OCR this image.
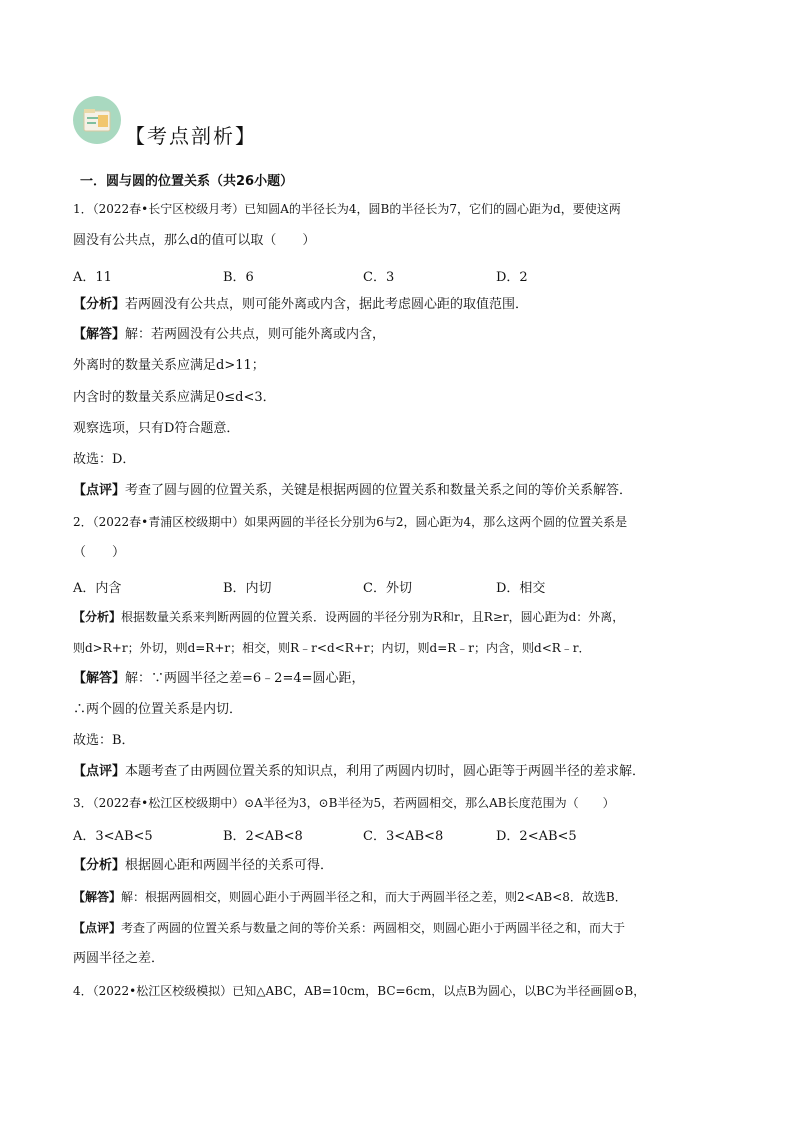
【考点剖析】
一．圆与圆的位置关系（共26小题）
1．（2022春•长宁区校级月考）已知圆A的半径长为4，圆B的半径长为7，它们的圆心距为d，要使这两
圆没有公共点，那么d的值可以取（　　）
A．11	B．6	C．3	D．2
【分析】若两圆没有公共点，则可能外离或内含，据此考虑圆心距的取值范围．
【解答】解：若两圆没有公共点，则可能外离或内含，
外离时的数量关系应满足d>11；
内含时的数量关系应满足0≤d<3．
观察选项，只有D符合题意．
故选：D．
【点评】考查了圆与圆的位置关系，关键是根据两圆的位置关系和数量关系之间的等价关系解答．
2．（2022春•青浦区校级期中）如果两圆的半径长分别为6与2，圆心距为4，那么这两个圆的位置关系是
（　　）
A．内含	B．内切	C．外切	D．相交
【分析】根据数量关系来判断两圆的位置关系．设两圆的半径分别为R和r，且R≥r，圆心距为d：外离，
则d>R+r；外切，则d=R+r；相交，则R﹣r<d<R+r；内切，则d=R﹣r；内含，则d<R﹣r．
【解答】解：∵两圆半径之差=6﹣2=4=圆心距，
∴两个圆的位置关系是内切．
故选：B．
【点评】本题考查了由两圆位置关系的知识点，利用了两圆内切时，圆心距等于两圆半径的差求解．
3．（2022春•松江区校级期中）⊙A半径为3，⊙B半径为5，若两圆相交，那么AB长度范围为（　　）
A．3<AB<5	B．2<AB<8	C．3<AB<8	D．2<AB<5
【分析】根据圆心距和两圆半径的关系可得．
【解答】解：根据两圆相交，则圆心距小于两圆半径之和，而大于两圆半径之差，则2<AB<8．故选B．
【点评】考查了两圆的位置关系与数量之间的等价关系：两圆相交，则圆心距小于两圆半径之和，而大于
两圆半径之差．
4．（2022•松江区校级模拟）已知△ABC，AB=10cm，BC=6cm，以点B为圆心，以BC为半径画圆⊙B，
